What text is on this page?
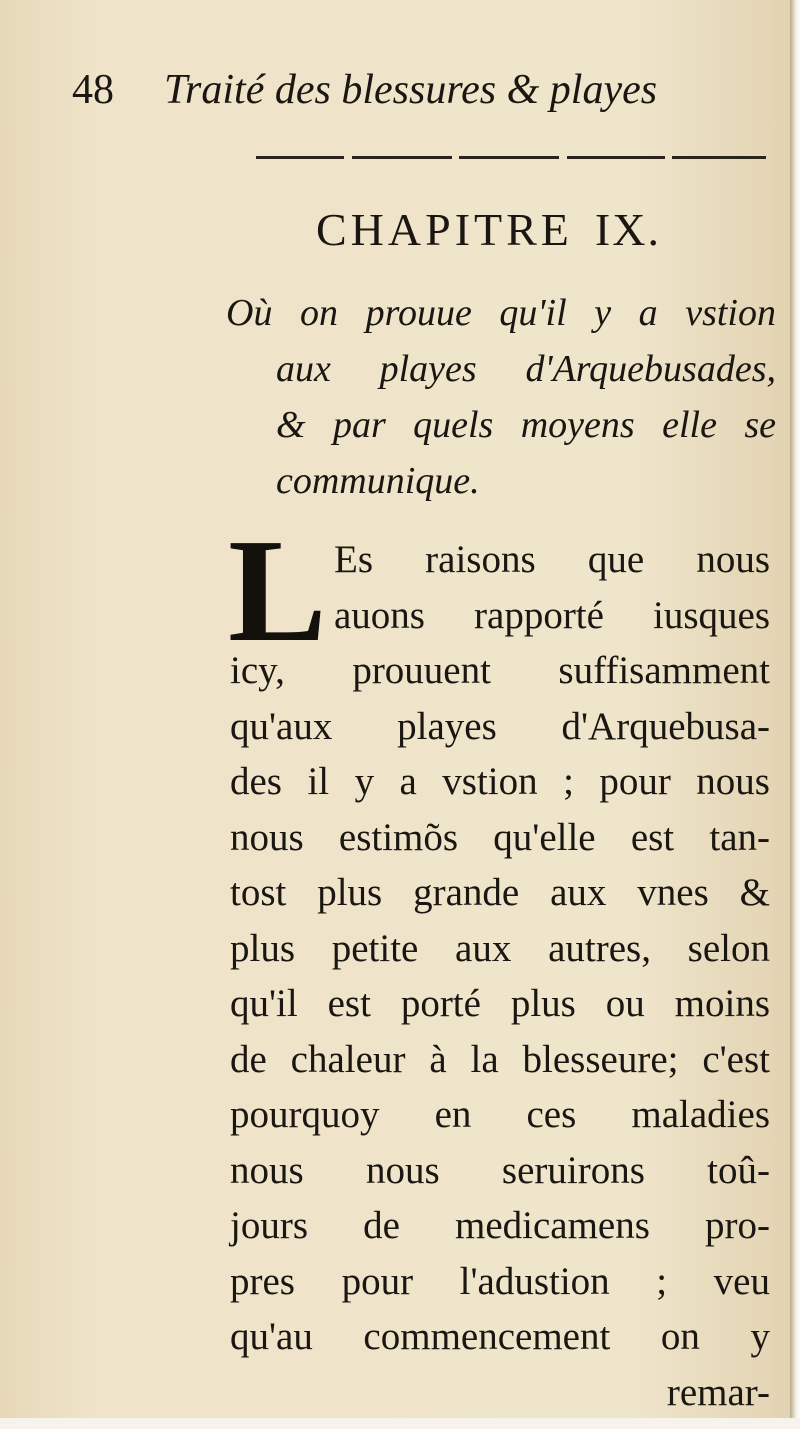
48 Traité des blessures & playes
CHAPITRE IX.
Où on prouue qu'il y a vstion
aux playes d'Arquebusades,
& par quels moyens elle se
communique.
L Es raisons que nous
auons rapporté iusques
icy, prouuent suffisamment
qu'aux playes d'Arquebusa-
des il y a vstion ; pour nous
nous estimõs qu'elle est tan-
tost plus grande aux vnes &
plus petite aux autres, selon
qu'il est porté plus ou moins
de chaleur à la blesseure; c'est
pourquoy en ces maladies
nous nous seruirons toû-
jours de medicamens pro-
pres pour l'adustion ; veu
qu'au commencement on y
remar-
